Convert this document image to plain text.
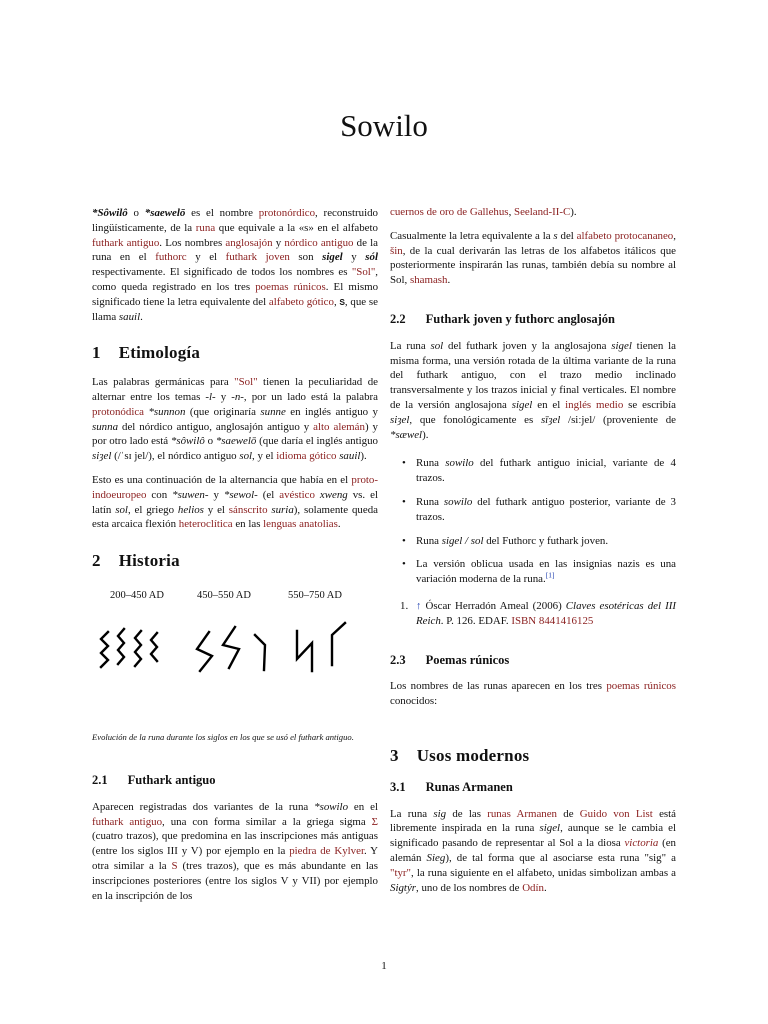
Sowilo

*Sôwilô o *saewelō es el nombre protonórdico, reconstruido lingüísticamente, de la runa que equivale a la «s» en el alfabeto futhark antiguo. Los nombres anglosajón y nórdico antiguo de la runa en el futhorc y el futhark joven son sigel y sól respectivamente. El significado de todos los nombres es "Sol", como queda registrado en los tres poemas rúnicos. El mismo significado tiene la letra equivalente del alfabeto gótico, 𐍃, que se llama sauil.

1 Etimología

Las palabras germánicas para "Sol" tienen la peculiaridad de alternar entre los temas -l- y -n-, por un lado está la palabra protonódica *sunnon (que originaría sunne en inglés antiguo y sunna del nórdico antiguo, anglosajón antiguo y alto alemán) y por otro lado está *sôwilô o *saewelō (que daría el inglés antiguo siȝel (/ˈsɪ jel/), el nórdico antiguo sol, y el idioma gótico sauil).

Esto es una continuación de la alternancia que había en el proto-indoeuropeo con *suwen- y *sewol- (el avéstico xweng vs. el latín sol, el griego helios y el sánscrito suria), solamente queda esta arcaica flexión heteroclítica en las lenguas anatolias.

2 Historia
200–450 AD	450–550 AD	550–750 AD

Evolución de la runa durante los siglos en los que se usó el futhark antiguo.

2.1 Futhark antiguo

Aparecen registradas dos variantes de la runa *sowilo en el futhark antiguo, una con forma similar a la griega sigma Σ (cuatro trazos), que predomina en las inscripciones más antiguas (entre los siglos III y V) por ejemplo en la piedra de Kylver. Y otra similar a la S (tres trazos), que es más abundante en las inscripciones posteriores (entre los siglos V y VII) por ejemplo en la inscripción de los

cuernos de oro de Gallehus, Seeland-II-C).

Casualmente la letra equivalente a la s del alfabeto protocananeo, šin, de la cual derivarán las letras de los alfabetos itálicos que posteriormente inspirarán las runas, también debía su nombre al Sol, shamash.

2.2 Futhark joven y futhorc anglosajón

La runa sol del futhark joven y la anglosajona sigel tienen la misma forma, una versión rotada de la última variante de la runa del futhark antiguo, con el trazo medio inclinado transversalmente y los trazos inicial y final verticales. El nombre de la versión anglosajona sigel en el inglés medio se escribía siȝel, que fonológicamente es sīȝel /siːjel/ (proveniente de *sæwel).

• Runa sowilo del futhark antiguo inicial, variante de 4 trazos.
• Runa sowilo del futhark antiguo posterior, variante de 3 trazos.
• Runa sigel / sol del Futhorc y futhark joven.
• La versión oblicua usada en las insignias nazis es una variación moderna de la runa.[1]
1. ↑ Óscar Herradón Ameal (2006) Claves esotéricas del III Reich. P. 126. EDAF. ISBN 8441416125
2.3 Poemas rúnicos

Los nombres de las runas aparecen en los tres poemas rúnicos conocidos:

3 Usos modernos
3.1 Runas Armanen

La runa sig de las runas Armanen de Guido von List está libremente inspirada en la runa sigel, aunque se le cambia el significado pasando de representar al Sol a la diosa victoria (en alemán Sieg), de tal forma que al asociarse esta runa "sig" a "tyr", la runa siguiente en el alfabeto, unidas simbolizan ambas a Sigtýr, uno de los nombres de Odín.

1
